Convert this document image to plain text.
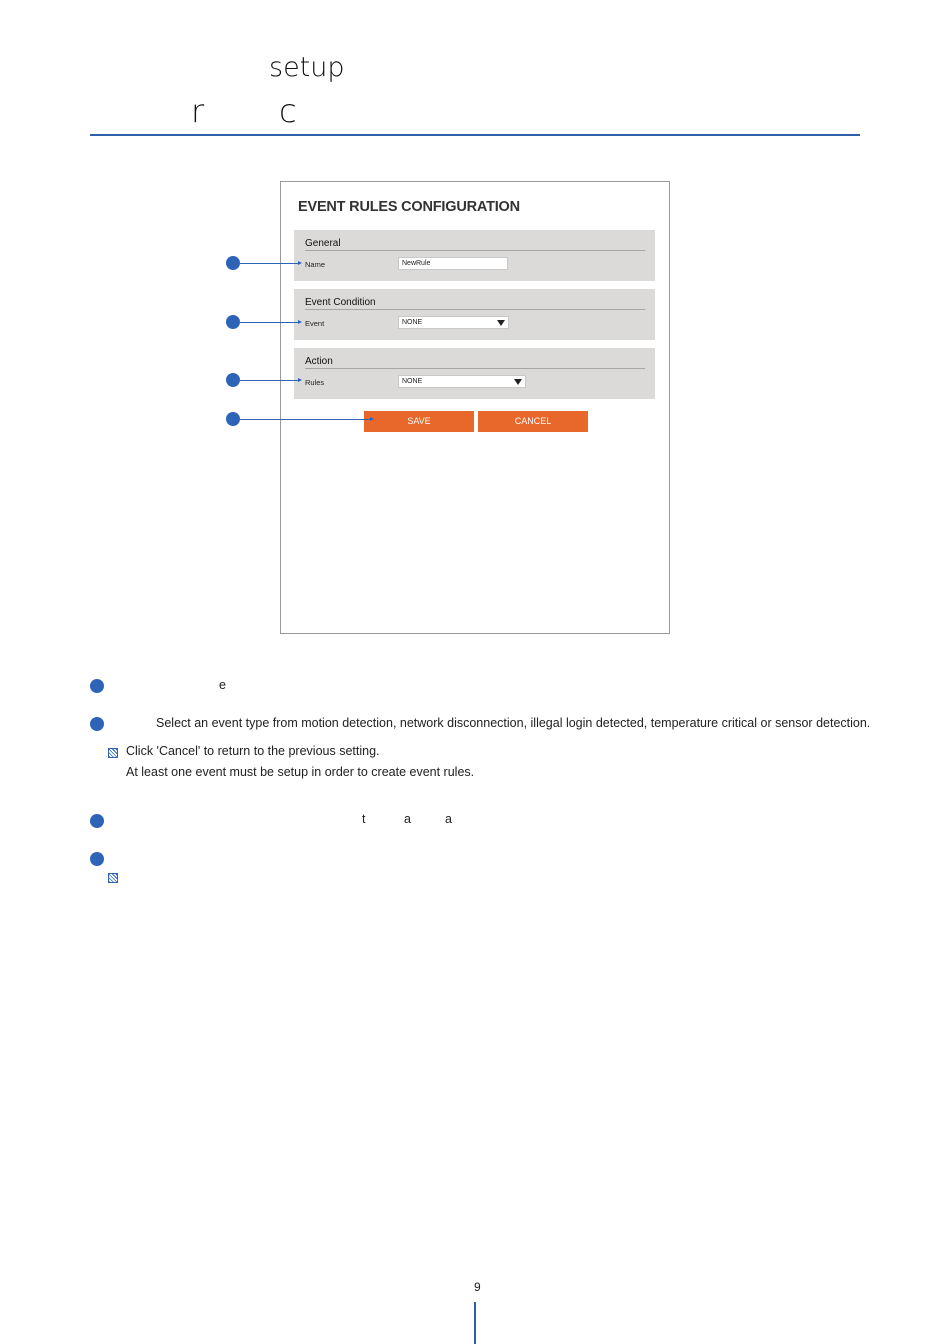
setup
r c
EVENT RULES CONFIGURATION
General
Name	NewRule
Event Condition
Event	NONE
Action
Rules	NONE
SAVE	CANCEL
e
Select an event type from motion detection, network disconnection, illegal login detected, temperature critical or sensor detection.
Click 'Cancel' to return to the previous setting.
At least one event must be setup in order to create event rules.
t	a	a
9
